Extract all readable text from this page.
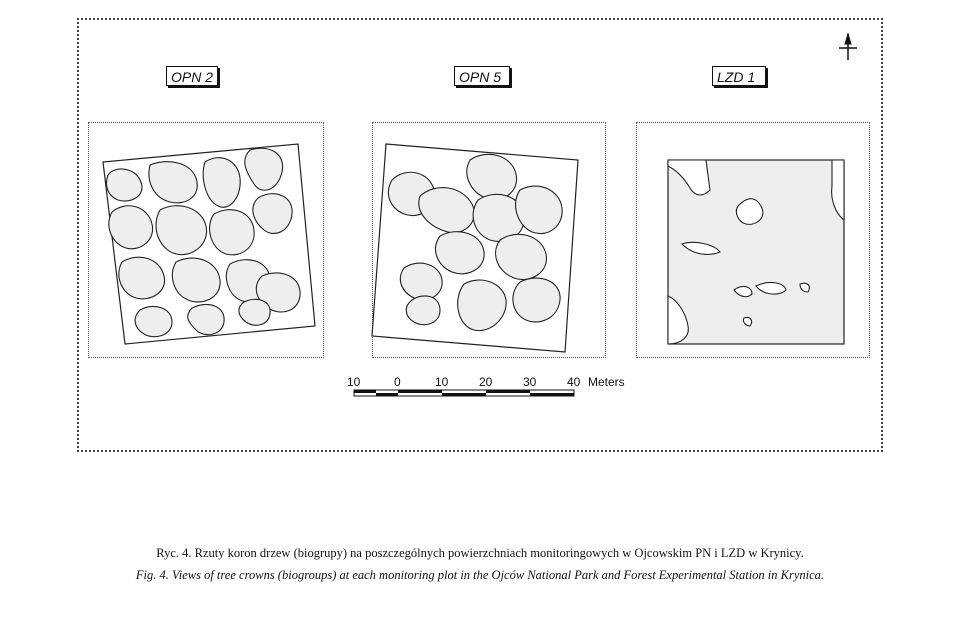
OPN 2	OPN 5	LZD 1
10	0	10	20	30	40 Meters
Ryc. 4. Rzuty koron drzew (biogrupy) na poszczególnych powierzchniach monitoringowych w Ojcowskim PN i LZD w Krynicy.
Fig. 4. Views of tree crowns (biogroups) at each monitoring plot in the Ojców National Park and Forest Experimental Station in Krynica.
